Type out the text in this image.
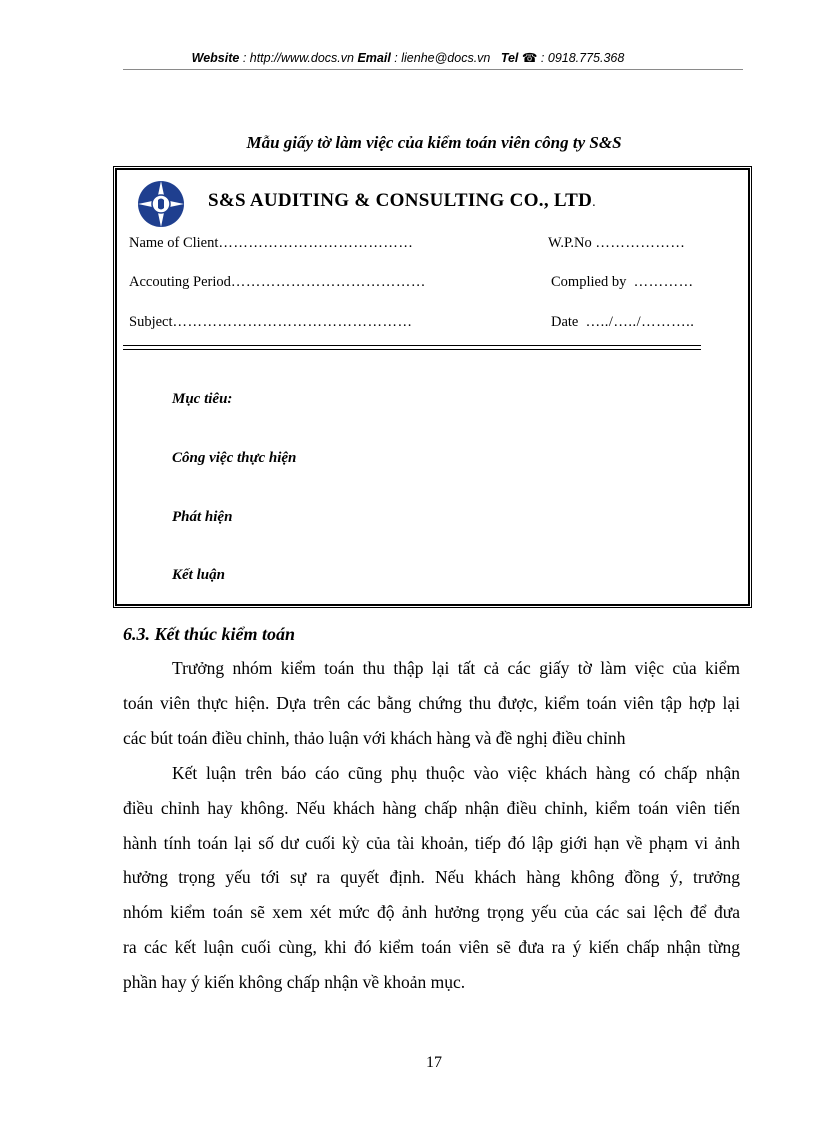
Website : http://www.docs.vn Email : lienhe@docs.vn Tel ☎ : 0918.775.368
Mẫu giấy tờ làm việc của kiểm toán viên công ty S&S
S&S AUDITING & CONSULTING CO., LTD.
Name of Client…………………………………	W.P.No ………………
Accouting Period…………………………………	Complied by …………
Subject…………………………………………	Date …../…../………..
Mục tiêu:
Công việc thực hiện
Phát hiện
Kết luận
6.3. Kết thúc kiểm toán
Trưởng nhóm kiểm toán thu thập lại tất cả các giấy tờ làm việc của kiểm
toán viên thực hiện. Dựa trên các bằng chứng thu được, kiểm toán viên tập hợp lại
các bút toán điều chỉnh, thảo luận với khách hàng và đề nghị điều chỉnh
Kết luận trên báo cáo cũng phụ thuộc vào việc khách hàng có chấp nhận
điều chỉnh hay không. Nếu khách hàng chấp nhận điều chỉnh, kiểm toán viên tiến
hành tính toán lại số dư cuối kỳ của tài khoản, tiếp đó lập giới hạn về phạm vi ảnh
hưởng trọng yếu tới sự ra quyết định. Nếu khách hàng không đồng ý, trưởng
nhóm kiểm toán sẽ xem xét mức độ ảnh hưởng trọng yếu của các sai lệch để đưa
ra các kết luận cuối cùng, khi đó kiểm toán viên sẽ đưa ra ý kiến chấp nhận từng
phần hay ý kiến không chấp nhận về khoản mục.
17
